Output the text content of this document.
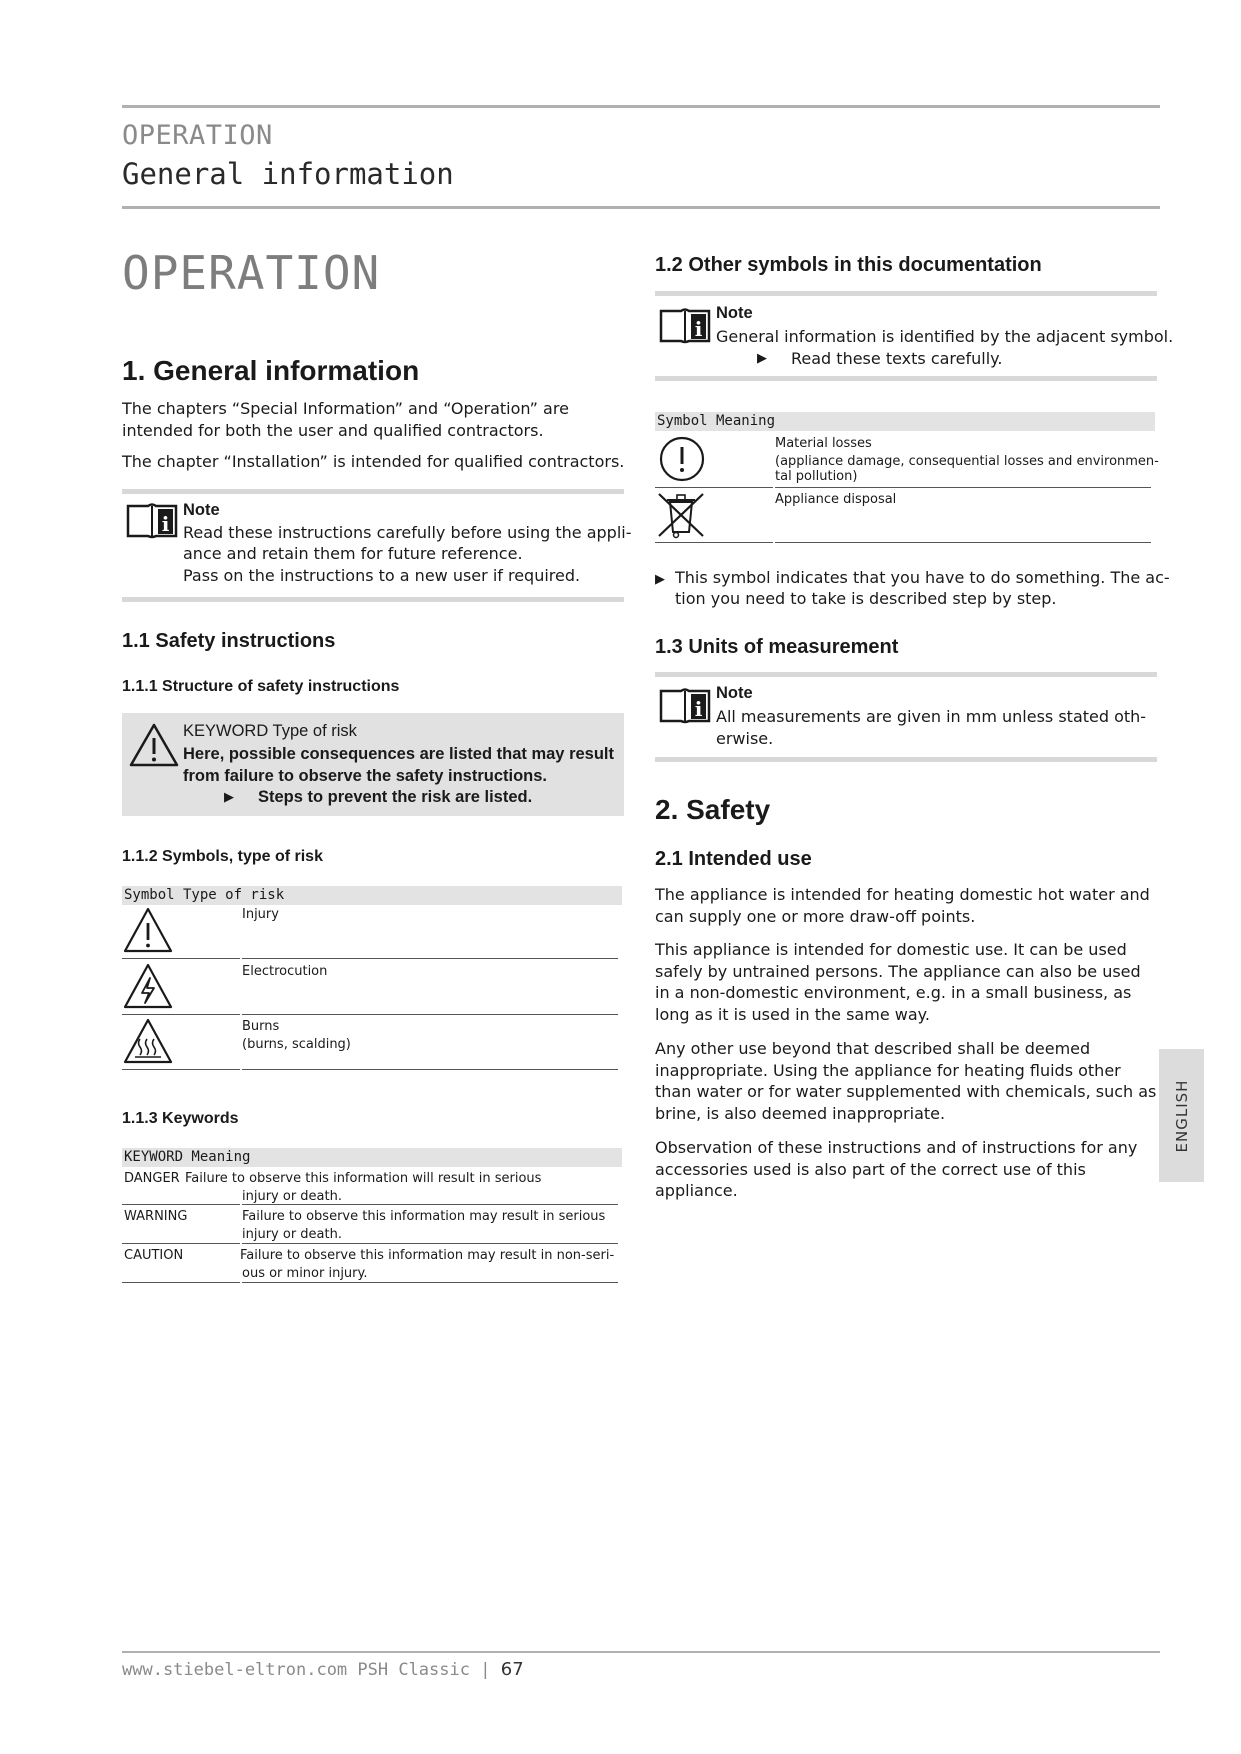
OPERATION
General information
OPERATION
1. General information

The chapters “Special Information” and “Operation” are intended for both the user and qualified contractors.

The chapter “Installation” is intended for qualified contractors.

i
Note
Read these instructions carefully before using the appli-
ance and retain them for future reference.
Pass on the instructions to a new user if required.
1.1 Safety instructions
1.1.1 Structure of safety instructions
KEYWORD Type of risk
Here, possible consequences are listed that may result
from failure to observe the safety instructions.
▶ Steps to prevent the risk are listed.
1.1.2 Symbols, type of risk
Symbol Type of risk
Injury
Electrocution
Burns
(burns, scalding)
1.1.3 Keywords
KEYWORD Meaning
DANGER Failure to observe this information will result in serious
injury or death.
WARNING	Failure to observe this information may result in serious
injury or death.
CAUTION	Failure to observe this information may result in non-seri-
ous or minor injury.
1.2 Other symbols in this documentation
i
Note
General information is identified by the adjacent symbol.
▶ Read these texts carefully.
Symbol Meaning
Material losses
(appliance damage, consequential losses and environmen-
tal pollution)
Appliance disposal
▶ This symbol indicates that you have to do something. The ac-
tion you need to take is described step by step.
1.3 Units of measurement
i
Note
All measurements are given in mm unless stated oth-
erwise.
2. Safety
2.1 Intended use

The appliance is intended for heating domestic hot water and can supply one or more draw-off points.

This appliance is intended for domestic use. It can be used safely by untrained persons. The appliance can also be used in a non-domestic environment, e.g. in a small business, as long as it is used in the same way.

Any other use beyond that described shall be deemed inappropriate. Using the appliance for heating fluids other than water or for water supplemented with chemicals, such as brine, is also deemed inappropriate.

Observation of these instructions and of instructions for any accessories used is also part of the correct use of this appliance.

ENGLISH
www.stiebel-eltron.com PSH Classic | 67
